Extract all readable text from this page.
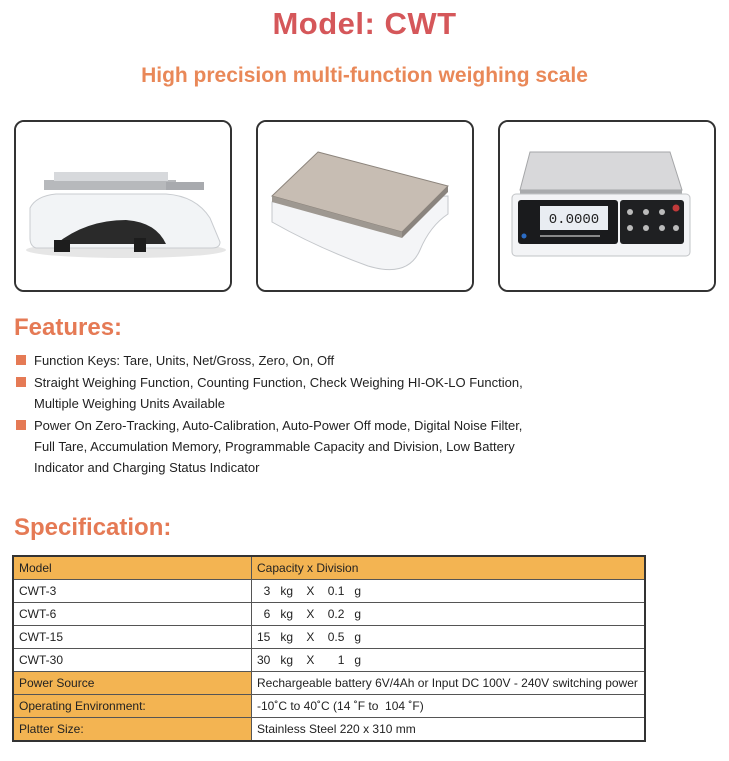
Model: CWT
High precision multi-function weighing scale
0.0000
Features:
Function Keys: Tare, Units, Net/Gross, Zero, On, Off
Straight Weighing Function, Counting Function, Check Weighing HI-OK-LO Function,
Multiple Weighing Units Available
Power On Zero-Tracking, Auto-Calibration, Auto-Power Off mode, Digital Noise Filter,
Full Tare, Accumulation Memory, Programmable Capacity and Division, Low Battery
Indicator and Charging Status Indicator
Specification:
Model	Capacity x Division
CWT-3	3   kg    X    0.1   g
CWT-6	6   kg    X    0.2   g
CWT-15	15   kg    X    0.5   g
CWT-30	30   kg    X       1   g
Power Source	Rechargeable battery 6V/4Ah or Input DC 100V - 240V switching power
Operating Environment:	-10˚C to 40˚C (14 ˚F to  104 ˚F)
Platter Size:	Stainless Steel 220 x 310 mm
